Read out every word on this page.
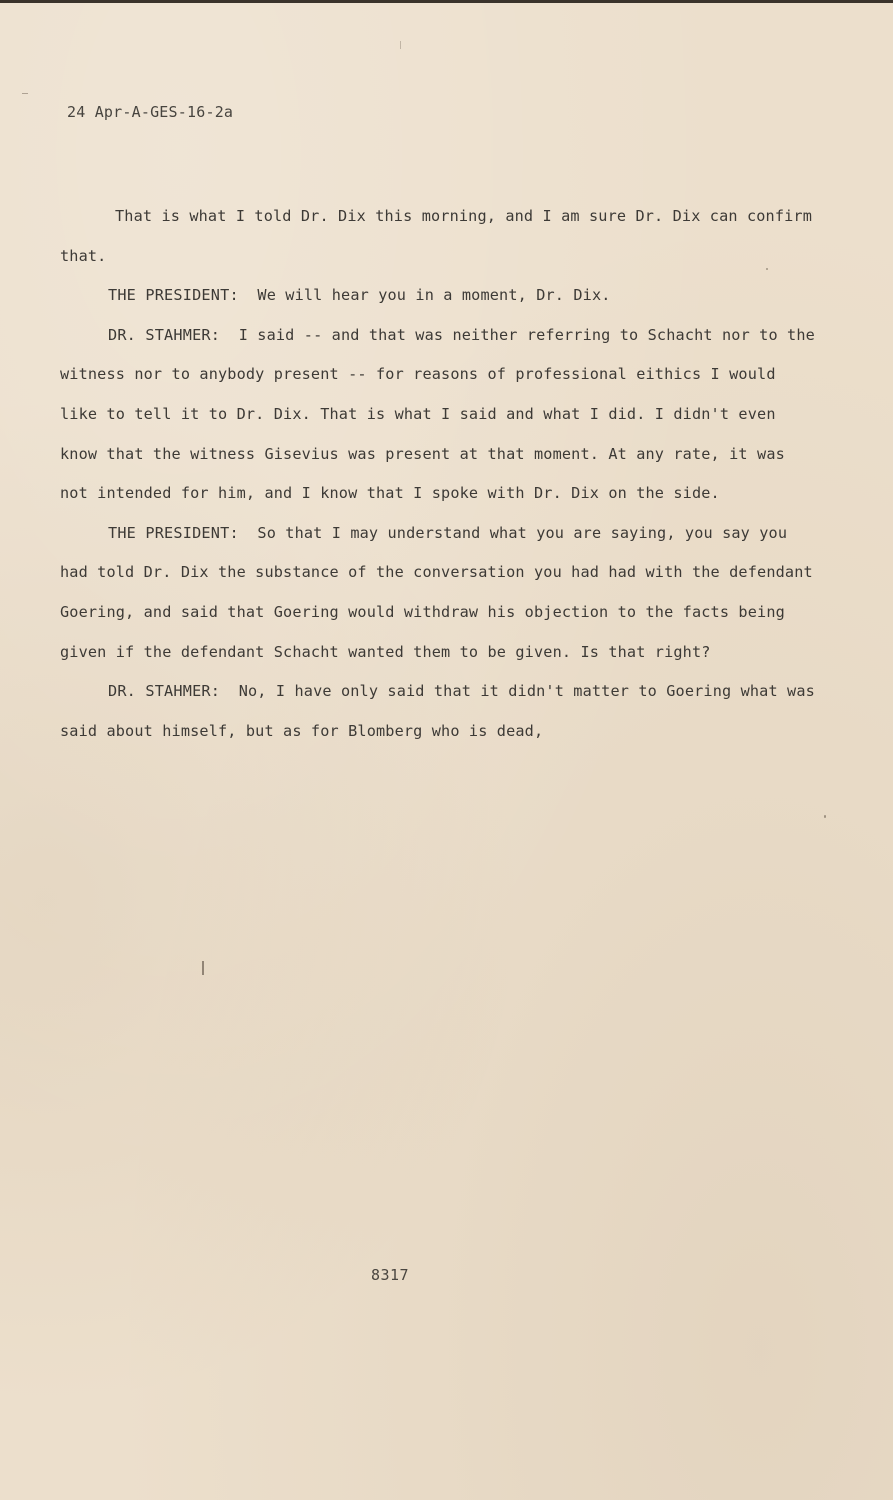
24 Apr-A-GES-16-2a

That is what I told Dr. Dix this morning, and I am sure Dr. Dix can confirm that.

THE PRESIDENT: We will hear you in a moment, Dr. Dix.

DR. STAHMER: I said -- and that was neither referring to Schacht nor to the witness nor to anybody present -- for reasons of professional eithics I would like to tell it to Dr. Dix. That is what I said and what I did. I didn't even know that the witness Gisevius was present at that moment. At any rate, it was not intended for him, and I know that I spoke with Dr. Dix on the side.

THE PRESIDENT: So that I may understand what you are saying, you say you had told Dr. Dix the substance of the conversation you had had with the defendant Goering, and said that Goering would withdraw his objection to the facts being given if the defendant Schacht wanted them to be given. Is that right?

DR. STAHMER: No, I have only said that it didn't matter to Goering what was said about himself, but as for Blomberg who is dead,

8317
